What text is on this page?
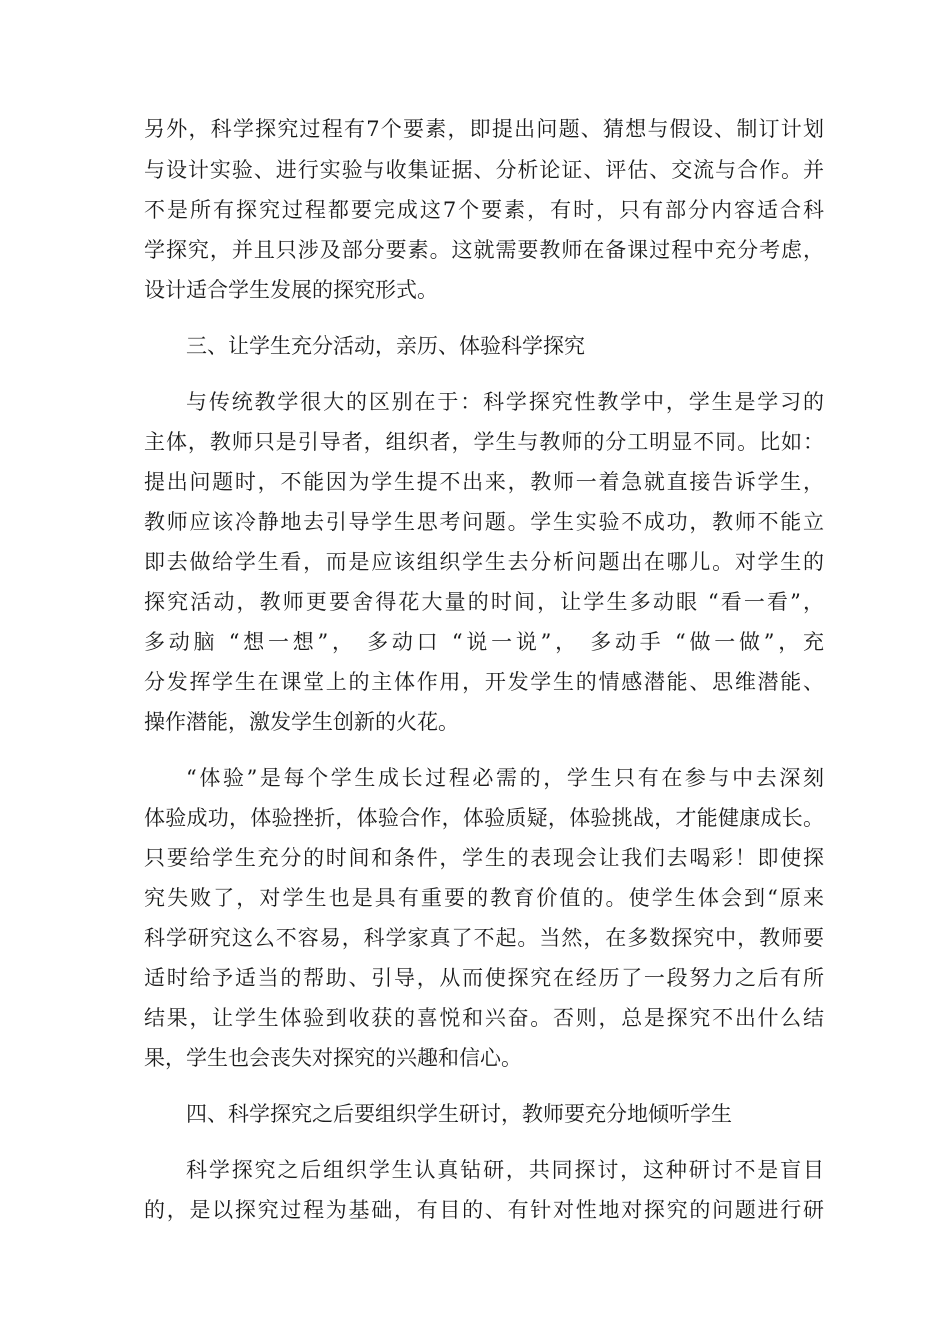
另外，科学探究过程有7个要素，即提出问题、猜想与假设、制订计划
与设计实验、进行实验与收集证据、分析论证、评估、交流与合作。并
不是所有探究过程都要完成这7个要素，有时，只有部分内容适合科
学探究，并且只涉及部分要素。这就需要教师在备课过程中充分考虑，
设计适合学生发展的探究形式。
三、让学生充分活动，亲历、体验科学探究
与传统教学很大的区别在于：科学探究性教学中，学生是学习的
主体，教师只是引导者，组织者，学生与教师的分工明显不同。比如：
提出问题时，不能因为学生提不出来，教师一着急就直接告诉学生，
教师应该冷静地去引导学生思考问题。学生实验不成功，教师不能立
即去做给学生看，而是应该组织学生去分析问题出在哪儿。对学生的
探究活动，教师更要舍得花大量的时间，让学生多动眼 “看一看”，
多动脑 “想一想”， 多动口 “说一说”， 多动手 “做一做”，充
分发挥学生在课堂上的主体作用，开发学生的情感潜能、思维潜能、
操作潜能，激发学生创新的火花。
“体验”是每个学生成长过程必需的，学生只有在参与中去深刻
体验成功，体验挫折，体验合作，体验质疑，体验挑战，才能健康成长。
只要给学生充分的时间和条件，学生的表现会让我们去喝彩！即使探
究失败了，对学生也是具有重要的教育价值的。使学生体会到“原来
科学研究这么不容易，科学家真了不起。当然，在多数探究中，教师要
适时给予适当的帮助、引导，从而使探究在经历了一段努力之后有所
结果，让学生体验到收获的喜悦和兴奋。否则，总是探究不出什么结
果，学生也会丧失对探究的兴趣和信心。
四、科学探究之后要组织学生研讨，教师要充分地倾听学生
科学探究之后组织学生认真钻研，共同探讨，这种研讨不是盲目
的，是以探究过程为基础，有目的、有针对性地对探究的问题进行研
